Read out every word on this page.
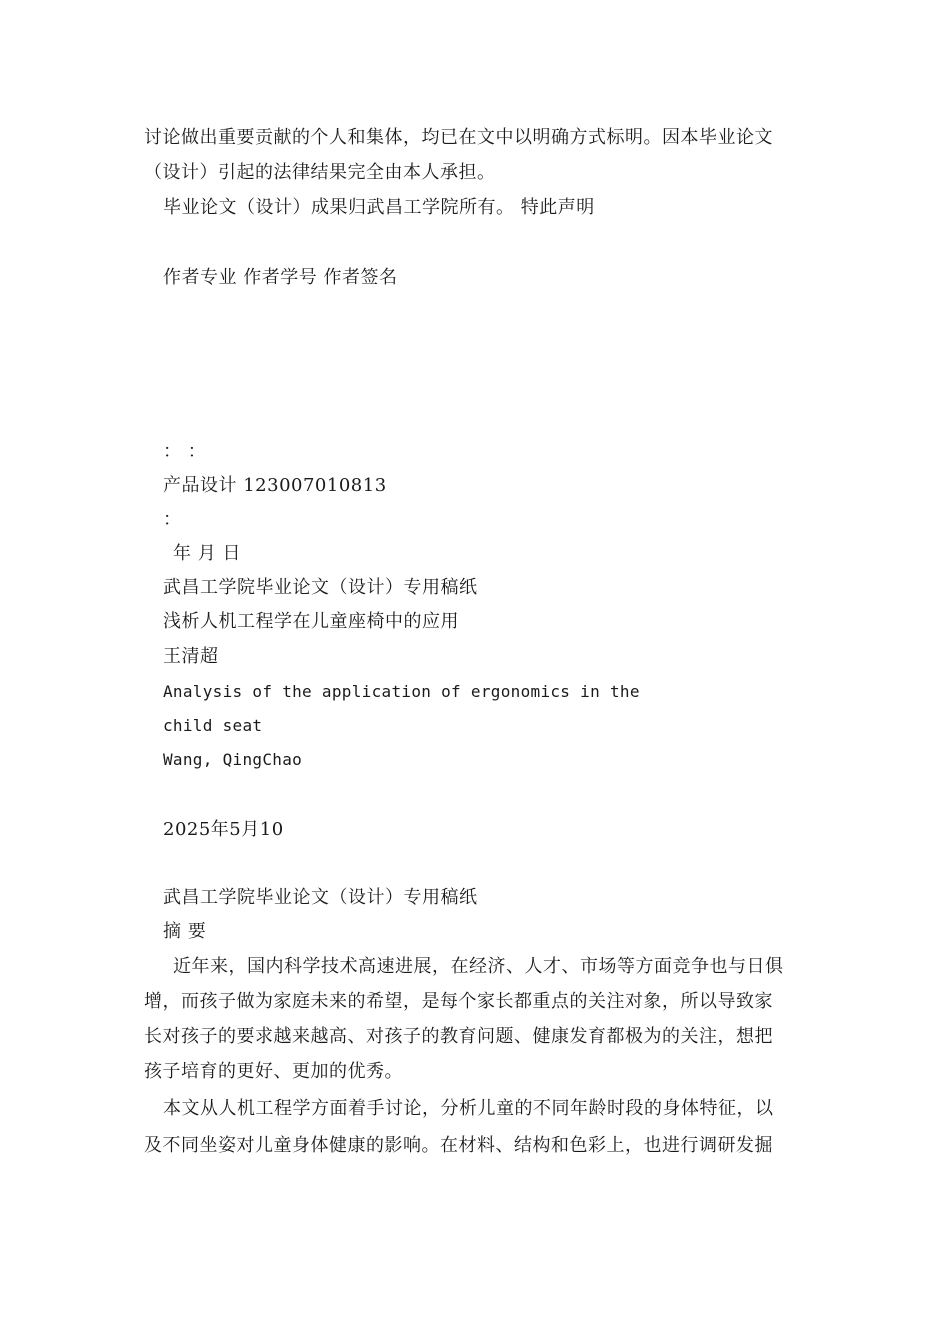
讨论做出重要贡献的个人和集体，均已在文中以明确方式标明。因本毕业论文
（设计）引起的法律结果完全由本人承担。
毕业论文（设计）成果归武昌工学院所有。 特此声明
作者专业 作者学号 作者签名
： ：
产品设计 123007010813
：
年 月 日
武昌工学院毕业论文（设计）专用稿纸
浅析人机工程学在儿童座椅中的应用
王清超
Analysis of the application of ergonomics in the
child seat
Wang, QingChao
2025年5月10
武昌工学院毕业论文（设计）专用稿纸
摘 要
近年来，国内科学技术高速进展，在经济、人才、市场等方面竞争也与日俱
增，而孩子做为家庭未来的希望，是每个家长都重点的关注对象，所以导致家
长对孩子的要求越来越高、对孩子的教育问题、健康发育都极为的关注，想把
孩子培育的更好、更加的优秀。
本文从人机工程学方面着手讨论，分析儿童的不同年龄时段的身体特征，以
及不同坐姿对儿童身体健康的影响。在材料、结构和色彩上，也进行调研发掘
